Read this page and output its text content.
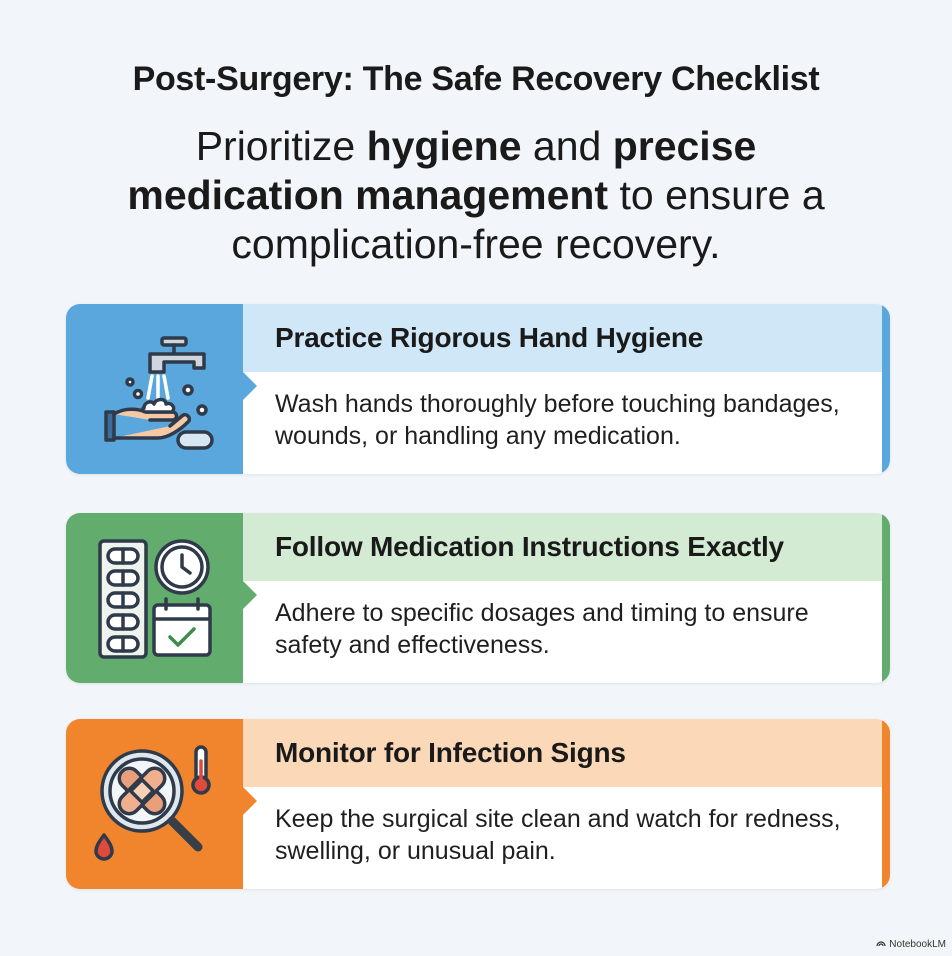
Post-Surgery: The Safe Recovery Checklist
Prioritize hygiene and precise medication management to ensure a complication-free recovery.
Practice Rigorous Hand Hygiene
Wash hands thoroughly before touching bandages, wounds, or handling any medication.
Follow Medication Instructions Exactly
Adhere to specific dosages and timing to ensure safety and effectiveness.
Monitor for Infection Signs
Keep the surgical site clean and watch for redness, swelling, or unusual pain.
NotebookLM
